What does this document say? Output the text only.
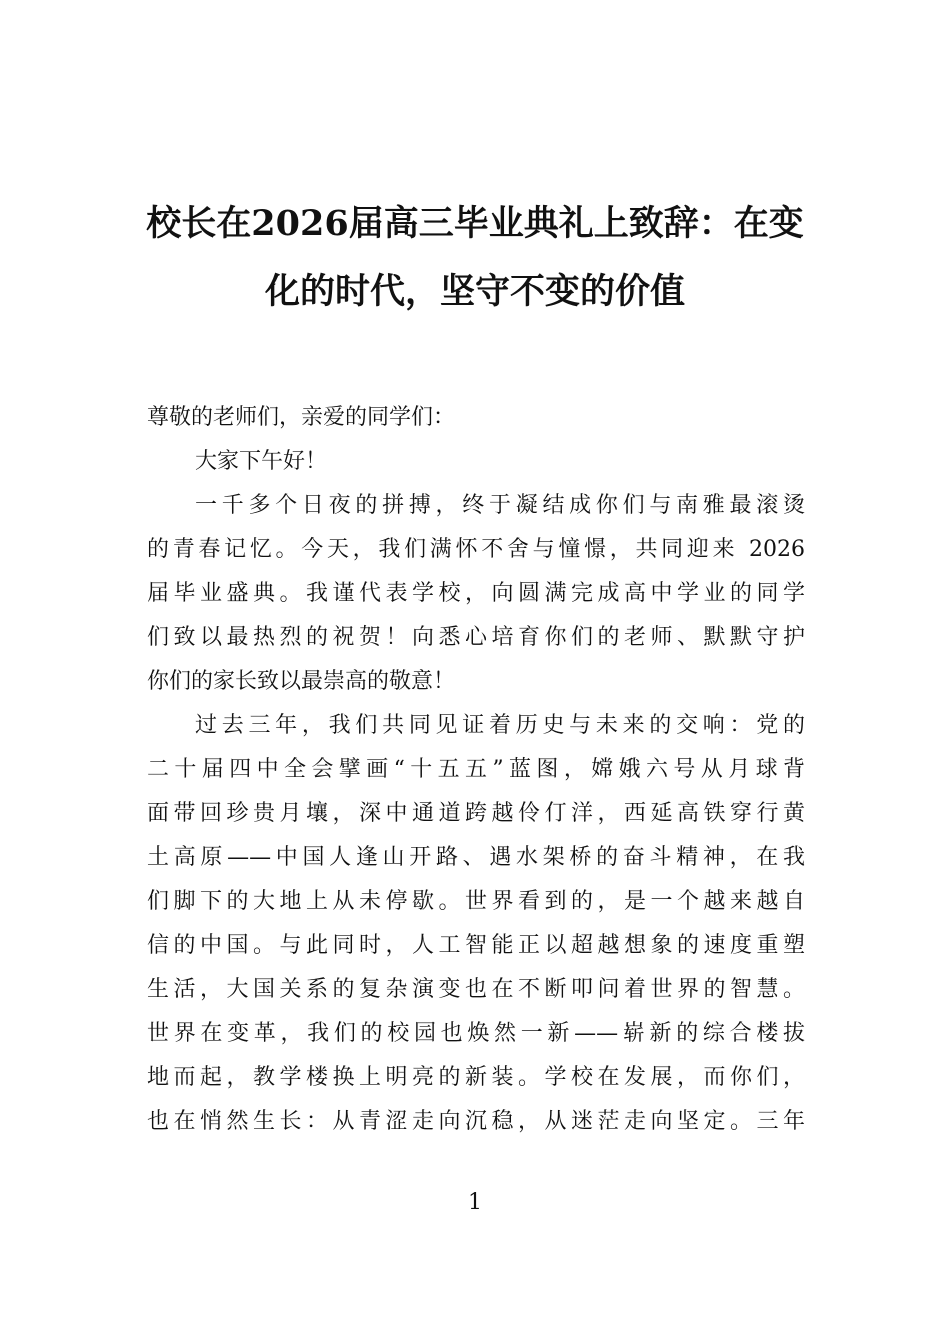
校长在2026届高三毕业典礼上致辞：在变
化的时代，坚守不变的价值
尊敬的老师们，亲爱的同学们：
大家下午好！
一千多个日夜的拼搏，终于凝结成你们与南雅最滚烫
的青春记忆。今天，我们满怀不舍与憧憬，共同迎来 2026
届毕业盛典。我谨代表学校，向圆满完成高中学业的同学
们致以最热烈的祝贺！向悉心培育你们的老师、默默守护
你们的家长致以最崇高的敬意！
过去三年，我们共同见证着历史与未来的交响：党的
二十届四中全会擘画“十五五”蓝图，嫦娥六号从月球背
面带回珍贵月壤，深中通道跨越伶仃洋，西延高铁穿行黄
土高原——中国人逢山开路、遇水架桥的奋斗精神，在我
们脚下的大地上从未停歇。世界看到的，是一个越来越自
信的中国。与此同时，人工智能正以超越想象的速度重塑
生活，大国关系的复杂演变也在不断叩问着世界的智慧。
世界在变革，我们的校园也焕然一新——崭新的综合楼拔
地而起，教学楼换上明亮的新装。学校在发展，而你们，
也在悄然生长：从青涩走向沉稳，从迷茫走向坚定。三年
1
